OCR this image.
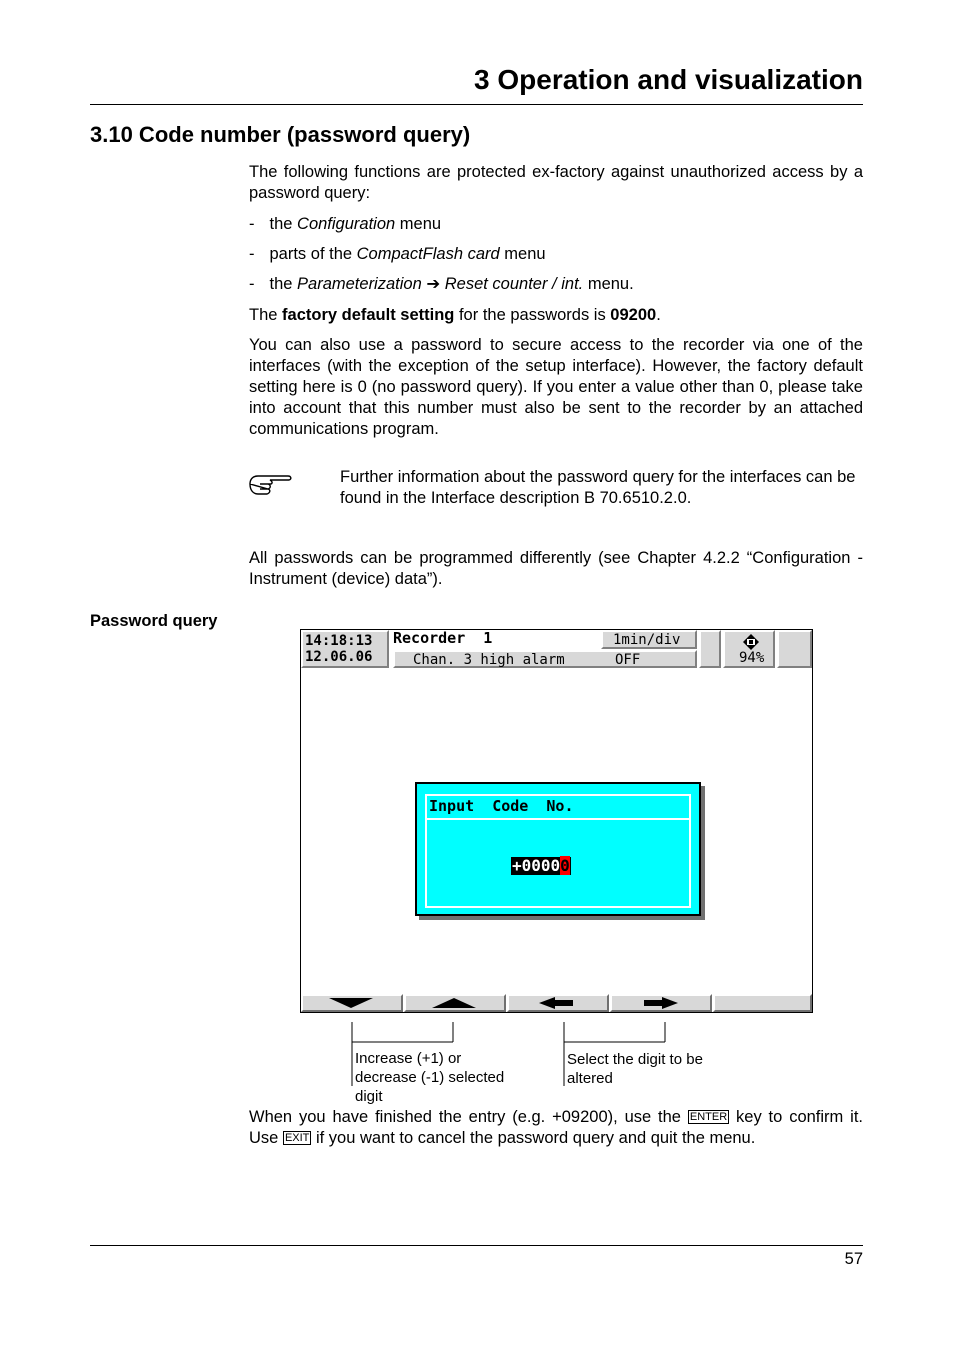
3 Operation and visualization
3.10 Code number (password query)
The following functions are protected ex-factory against unauthorized access by a password query:
- the Configuration menu
- parts of the CompactFlash card menu
- the Parameterization ➔ Reset counter / int. menu.
The factory default setting for the passwords is 09200.
You can also use a password to secure access to the recorder via one of the interfaces (with the exception of the setup interface). However, the factory default setting here is 0 (no password query). If you enter a value other than 0, please take into account that this number must also be sent to the recorder by an attached communications program.
Further information about the password query for the interfaces can be found in the Interface description B 70.6510.2.0.
All passwords can be programmed differently (see Chapter 4.2.2 “Configuration - Instrument (device) data”).
Password query
14:18:13
12.06.06
Recorder  1	1min/div
Chan. 3 high alarm	OFF	94%
Input  Code  No.
+00000
Increase (+1) or decrease (-1) selected digit
Select the digit to be altered
When you have finished the entry (e.g. +09200), use the ENTER key to confirm it. Use EXIT if you want to cancel the password query and quit the menu.
57
